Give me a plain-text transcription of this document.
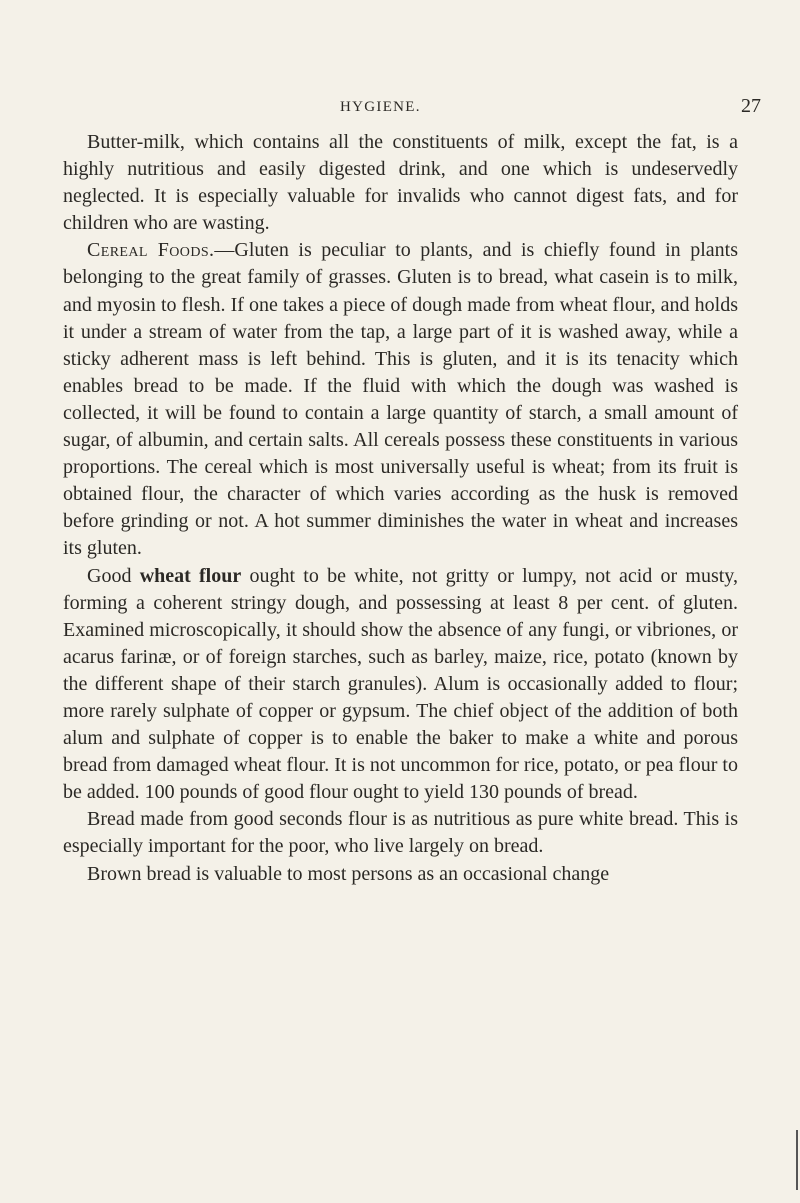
HYGIENE.	27

Butter-milk, which contains all the constituents of milk, except the fat, is a highly nutritious and easily digested drink, and one which is undeservedly neglected. It is especially valuable for invalids who cannot digest fats, and for children who are wasting.

Cereal Foods.—Gluten is peculiar to plants, and is chiefly found in plants belonging to the great family of grasses. Gluten is to bread, what casein is to milk, and myosin to flesh. If one takes a piece of dough made from wheat flour, and holds it under a stream of water from the tap, a large part of it is washed away, while a sticky adherent mass is left behind. This is gluten, and it is its tenacity which enables bread to be made. If the fluid with which the dough was washed is collected, it will be found to contain a large quantity of starch, a small amount of sugar, of albumin, and certain salts. All cereals possess these constituents in various proportions. The cereal which is most universally useful is wheat; from its fruit is obtained flour, the character of which varies according as the husk is removed before grinding or not. A hot summer diminishes the water in wheat and increases its gluten.

Good wheat flour ought to be white, not gritty or lumpy, not acid or musty, forming a coherent stringy dough, and possessing at least 8 per cent. of gluten. Examined microscopically, it should show the absence of any fungi, or vibriones, or acarus farinæ, or of foreign starches, such as barley, maize, rice, potato (known by the different shape of their starch granules). Alum is occasionally added to flour; more rarely sulphate of copper or gypsum. The chief object of the addition of both alum and sulphate of copper is to enable the baker to make a white and porous bread from damaged wheat flour. It is not uncommon for rice, potato, or pea flour to be added. 100 pounds of good flour ought to yield 130 pounds of bread.

Bread made from good seconds flour is as nutritious as pure white bread. This is especially important for the poor, who live largely on bread.

Brown bread is valuable to most persons as an occasional change
